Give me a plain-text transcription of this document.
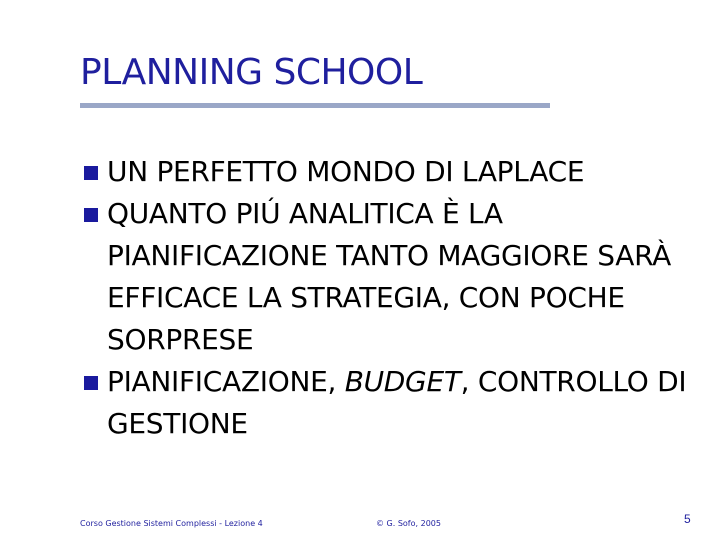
PLANNING SCHOOL
UN PERFETTO MONDO DI LAPLACE
QUANTO PIÚ ANALITICA È LA PIANIFICAZIONE TANTO MAGGIORE SARÀ EFFICACE LA STRATEGIA, CON POCHE SORPRESE
PIANIFICAZIONE, BUDGET, CONTROLLO DI GESTIONE
Corso Gestione Sistemi Complessi - Lezione 4	© G. Sofo, 2005	5
